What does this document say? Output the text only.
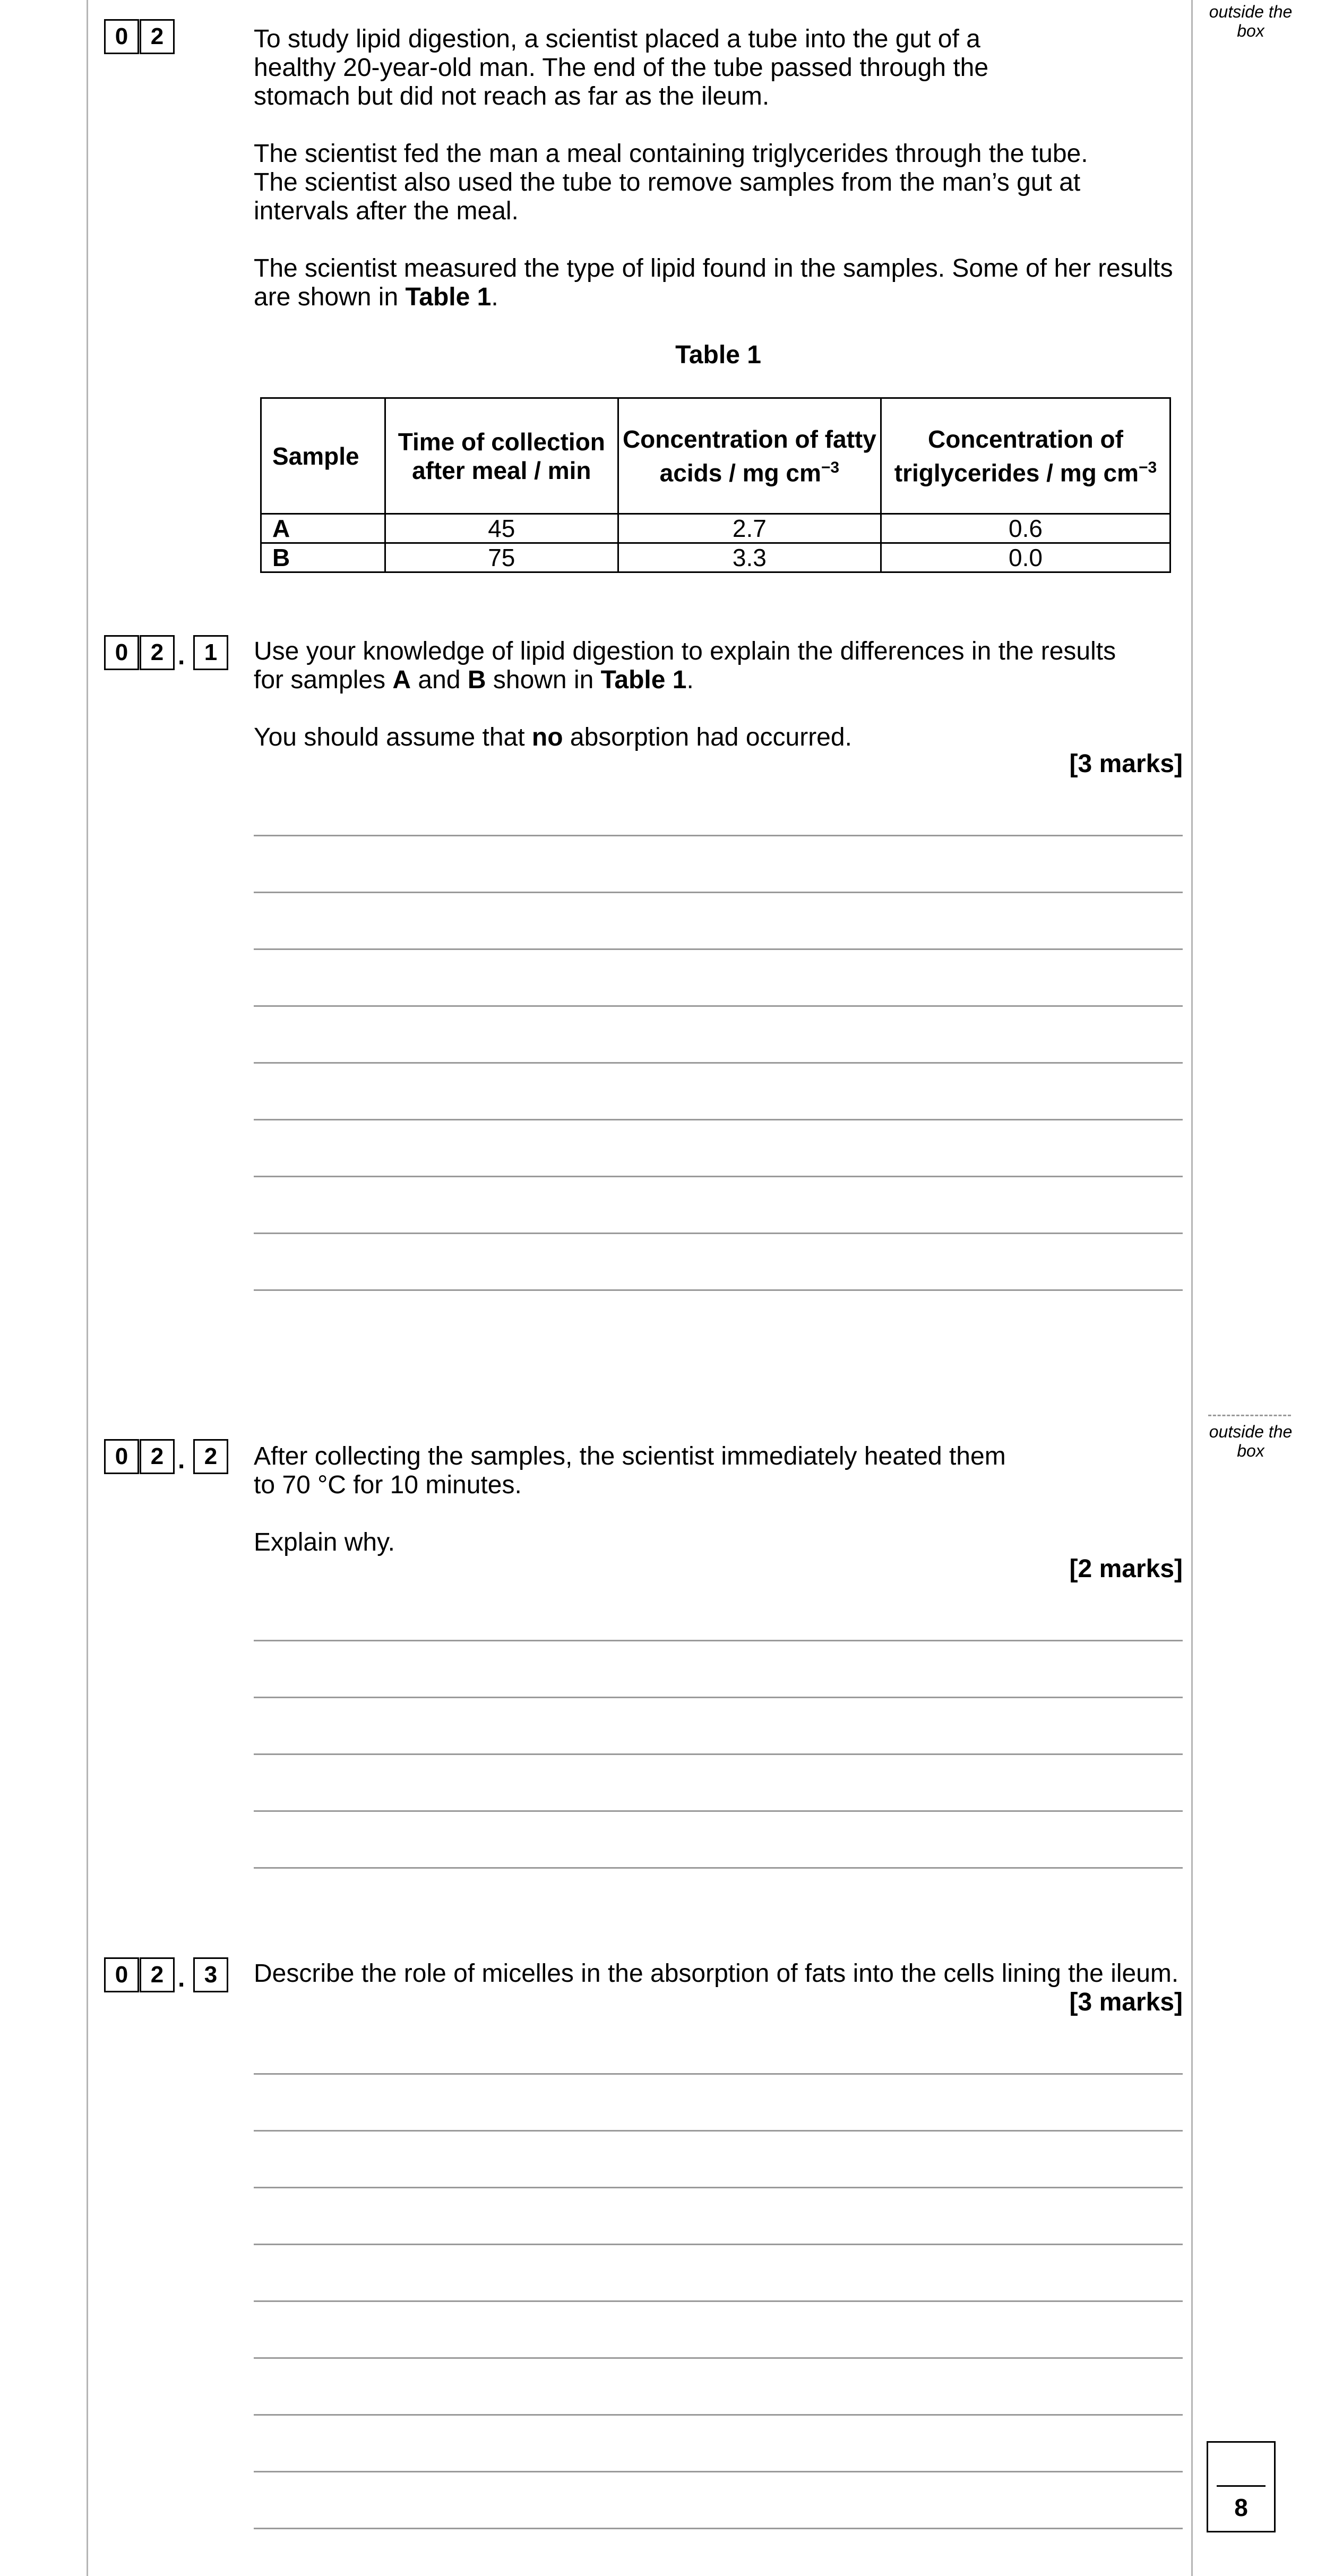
outside the box
outside the box
0 2	To study lipid digestion, a scientist placed a tube into the gut of a healthy 20-year-old man. The end of the tube passed through the stomach but did not reach as far as the ileum.

The scientist fed the man a meal containing triglycerides through the tube.

The scientist also used the tube to remove samples from the man’s gut at intervals after the meal.

The scientist measured the type of lipid found in the samples. Some of her results are shown in Table 1.

Table 1
Sample	Time of collection after meal / min	Concentration of fatty acids / mg $cm^{-3}$	Concentration of triglycerides / mg $cm^{-3}$
A	45	2.7	0.6
B	75	3.3	0.0
0 2 . 1	Use your knowledge of lipid digestion to explain the differences in the results for samples A and B shown in Table 1.

You should assume that no absorption had occurred.

[3 marks]
0 2 . 2	After collecting the samples, the scientist immediately heated them to 70 °C for 10 minutes.

Explain why.

[2 marks]
0 2 . 3	Describe the role of micelles in the absorption of fats into the cells lining the ileum.
[3 marks]
8
